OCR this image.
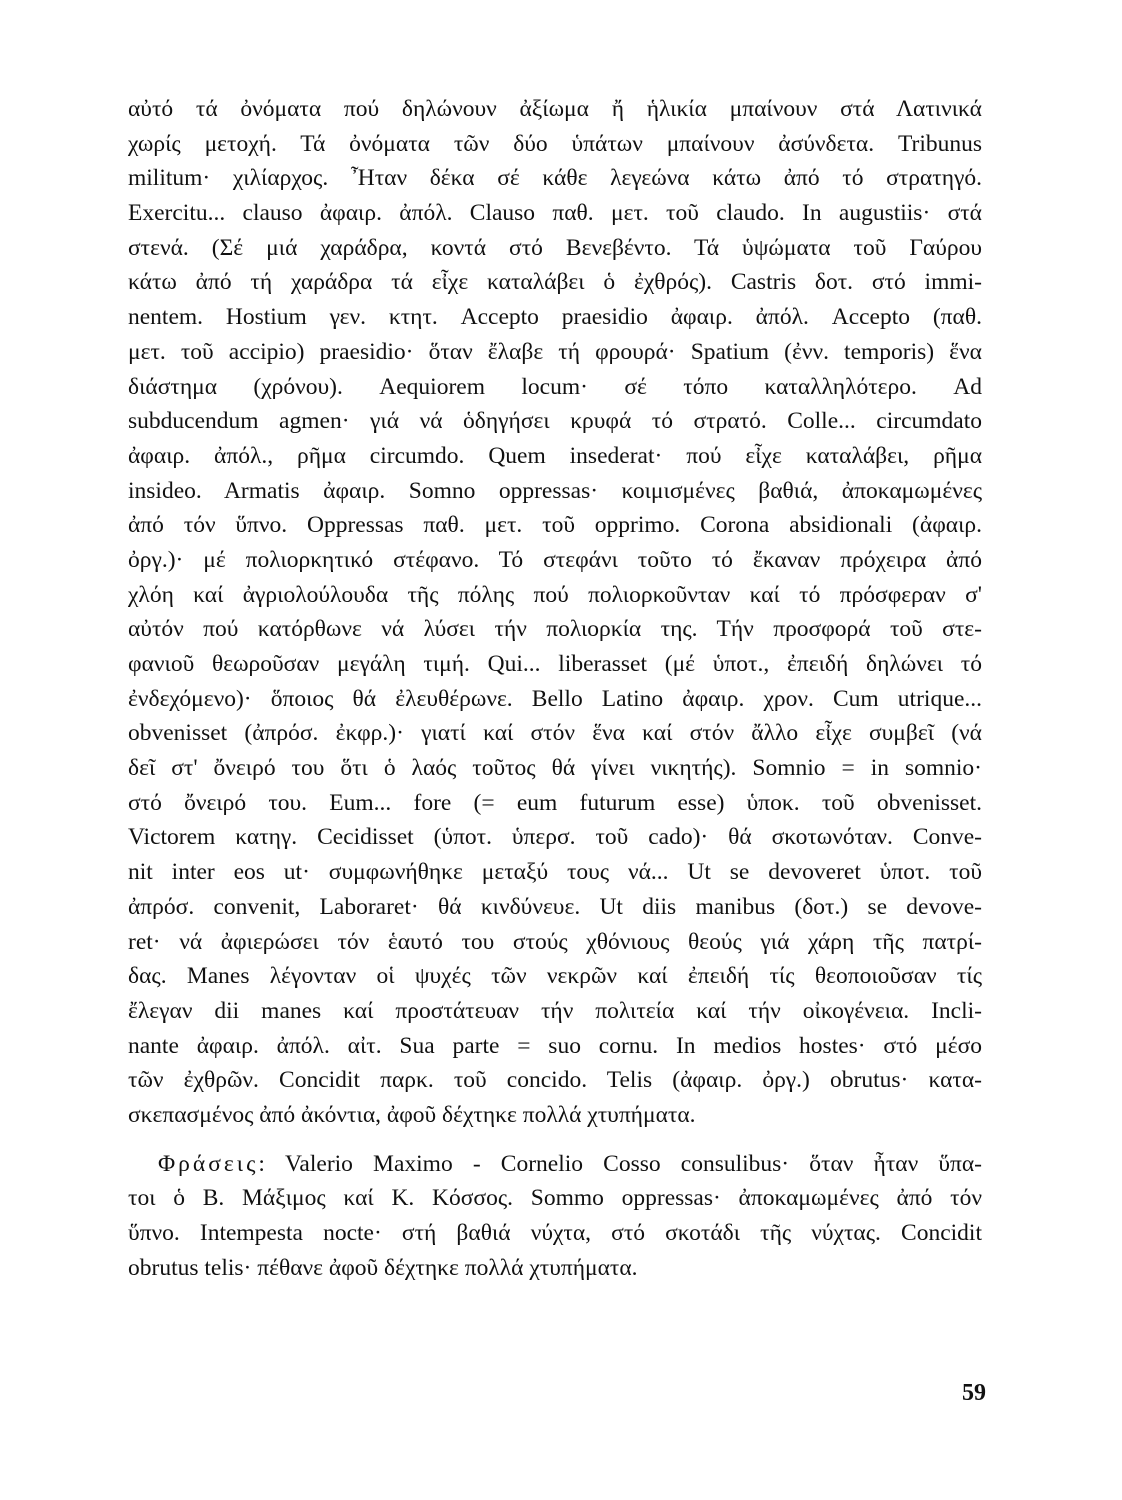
αὐτό τά ὀνόματα πού δηλώνουν ἀξίωμα ἤ ἡλικία μπαίνουν στά Λατινικά
χωρίς μετοχή. Τά ὀνόματα τῶν δύο ὑπάτων μπαίνουν ἀσύνδετα. Tribunus
militum· χιλίαρχος. Ἦταν δέκα σέ κάθε λεγεώνα κάτω ἀπό τό στρατηγό.
Exercitu... clauso ἀφαιρ. ἀπόλ. Clauso παθ. μετ. τοῦ claudo. In augustiis· στά
στενά. (Σέ μιά χαράδρα, κοντά στό Βενεβέντο. Τά ὑψώματα τοῦ Γαύρου
κάτω ἀπό τή χαράδρα τά εἶχε καταλάβει ὁ ἐχθρός). Castris δοτ. στό immi-
nentem. Hostium γεν. κτητ. Accepto praesidio ἀφαιρ. ἀπόλ. Accepto (παθ.
μετ. τοῦ accipio) praesidio· ὅταν ἔλαβε τή φρουρά· Spatium (ἐνν. temporis) ἕνα
διάστημα (χρόνου). Aequiorem locum· σέ τόπο καταλληλότερο. Ad
subducendum agmen· γιά νά ὁδηγήσει κρυφά τό στρατό. Colle... circumdato
ἀφαιρ. ἀπόλ., ρῆμα circumdo. Quem insederat· πού εἶχε καταλάβει, ρῆμα
insideo. Armatis ἀφαιρ. Somno oppressas· κοιμισμένες βαθιά, ἀποκαμωμένες
ἀπό τόν ὕπνο. Oppressas παθ. μετ. τοῦ opprimo. Corona absidionali (ἀφαιρ.
ὀργ.)· μέ πολιορκητικό στέφανο. Τό στεφάνι τοῦτο τό ἔκαναν πρόχειρα ἀπό
χλόη καί ἀγριολούλουδα τῆς πόλης πού πολιορκοῦνταν καί τό πρόσφεραν σ'
αὐτόν πού κατόρθωνε νά λύσει τήν πολιορκία της. Τήν προσφορά τοῦ στε-
φανιοῦ θεωροῦσαν μεγάλη τιμή. Qui... liberasset (μέ ὑποτ., ἐπειδή δηλώνει τό
ἐνδεχόμενο)· ὅποιος θά ἐλευθέρωνε. Bello Latino ἀφαιρ. χρον. Cum utrique...
obvenisset (ἀπρόσ. ἐκφρ.)· γιατί καί στόν ἕνα καί στόν ἄλλο εἶχε συμβεῖ (νά
δεῖ στ' ὄνειρό του ὅτι ὁ λαός τοῦτος θά γίνει νικητής). Somnio = in somnio·
στό ὄνειρό του. Eum... fore (= eum futurum esse) ὑποκ. τοῦ obvenisset.
Victorem κατηγ. Cecidisset (ὑποτ. ὑπερσ. τοῦ cado)· θά σκοτωνόταν. Conve-
nit inter eos ut· συμφωνήθηκε μεταξύ τους νά... Ut se devoveret ὑποτ. τοῦ
ἀπρόσ. convenit, Laboraret· θά κινδύνευε. Ut diis manibus (δοτ.) se devove-
ret· νά ἀφιερώσει τόν ἑαυτό του στούς χθόνιους θεούς γιά χάρη τῆς πατρί-
δας. Manes λέγονταν οἱ ψυχές τῶν νεκρῶν καί ἐπειδή τίς θεοποιοῦσαν τίς
ἔλεγαν dii manes καί προστάτευαν τήν πολιτεία καί τήν οἰκογένεια. Incli-
nante ἀφαιρ. ἀπόλ. αἰτ. Sua parte = suo cornu. In medios hostes· στό μέσο
τῶν ἐχθρῶν. Concidit παρκ. τοῦ concido. Telis (ἀφαιρ. ὀργ.) obrutus· κατα-
σκεπασμένος ἀπό ἀκόντια, ἀφοῦ δέχτηκε πολλά χτυπήματα.
Φράσεις: Valerio Maximo - Cornelio Cosso consulibus· ὅταν ἦταν ὕπα-
τοι ὁ Β. Μάξιμος καί Κ. Κόσσος. Sommo oppressas· ἀποκαμωμένες ἀπό τόν
ὕπνο. Intempesta nocte· στή βαθιά νύχτα, στό σκοτάδι τῆς νύχτας. Concidit
obrutus telis· πέθανε ἀφοῦ δέχτηκε πολλά χτυπήματα.
59
